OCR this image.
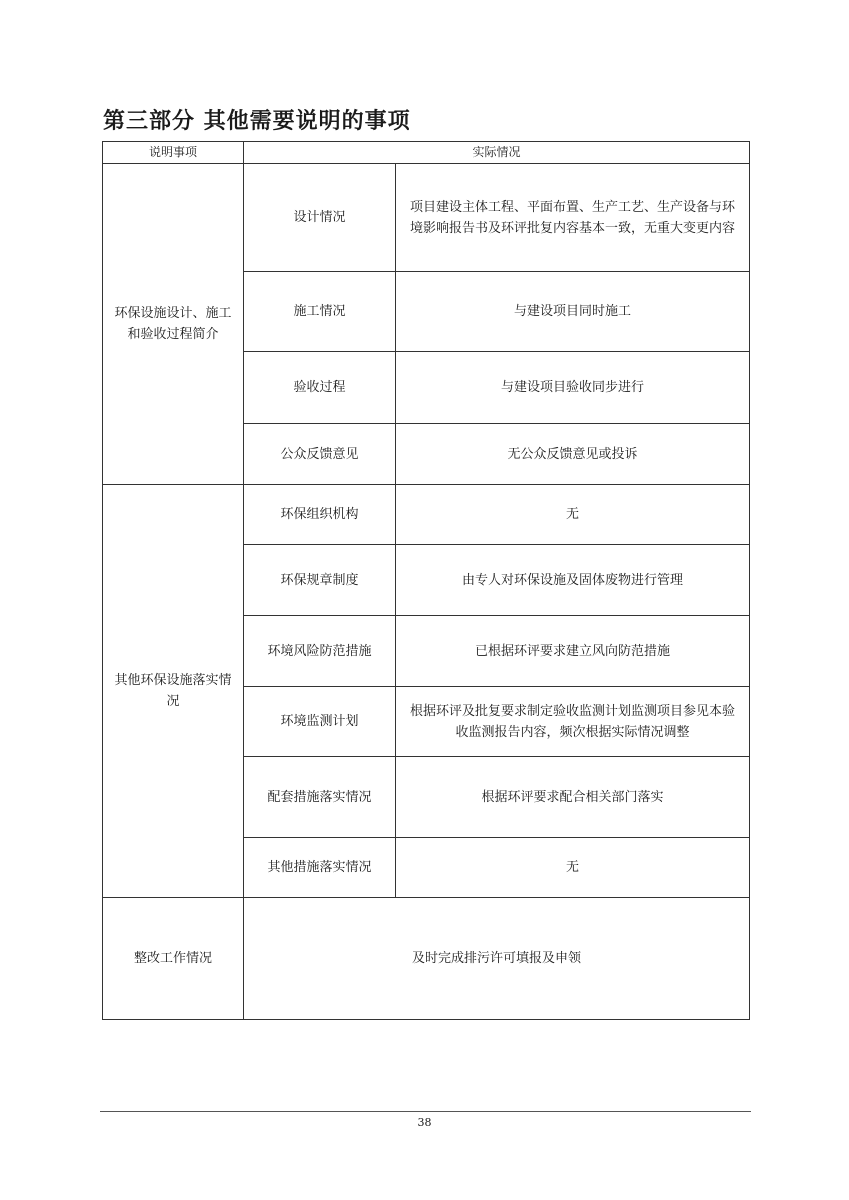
第三部分 其他需要说明的事项
说明事项	实际情况	
环保设施设计、施工和验收过程简介	设计情况	项目建设主体工程、平面布置、生产工艺、生产设备与环境影响报告书及环评批复内容基本一致，无重大变更内容
	施工情况	与建设项目同时施工
	验收过程	与建设项目验收同步进行
	公众反馈意见	无公众反馈意见或投诉
其他环保设施落实情况	环保组织机构	无
	环保规章制度	由专人对环保设施及固体废物进行管理
	环境风险防范措施	已根据环评要求建立风向防范措施
	环境监测计划	根据环评及批复要求制定验收监测计划监测项目参见本验收监测报告内容，频次根据实际情况调整
	配套措施落实情况	根据环评要求配合相关部门落实
	其他措施落实情况	无
整改工作情况	及时完成排污许可填报及申领	
38
